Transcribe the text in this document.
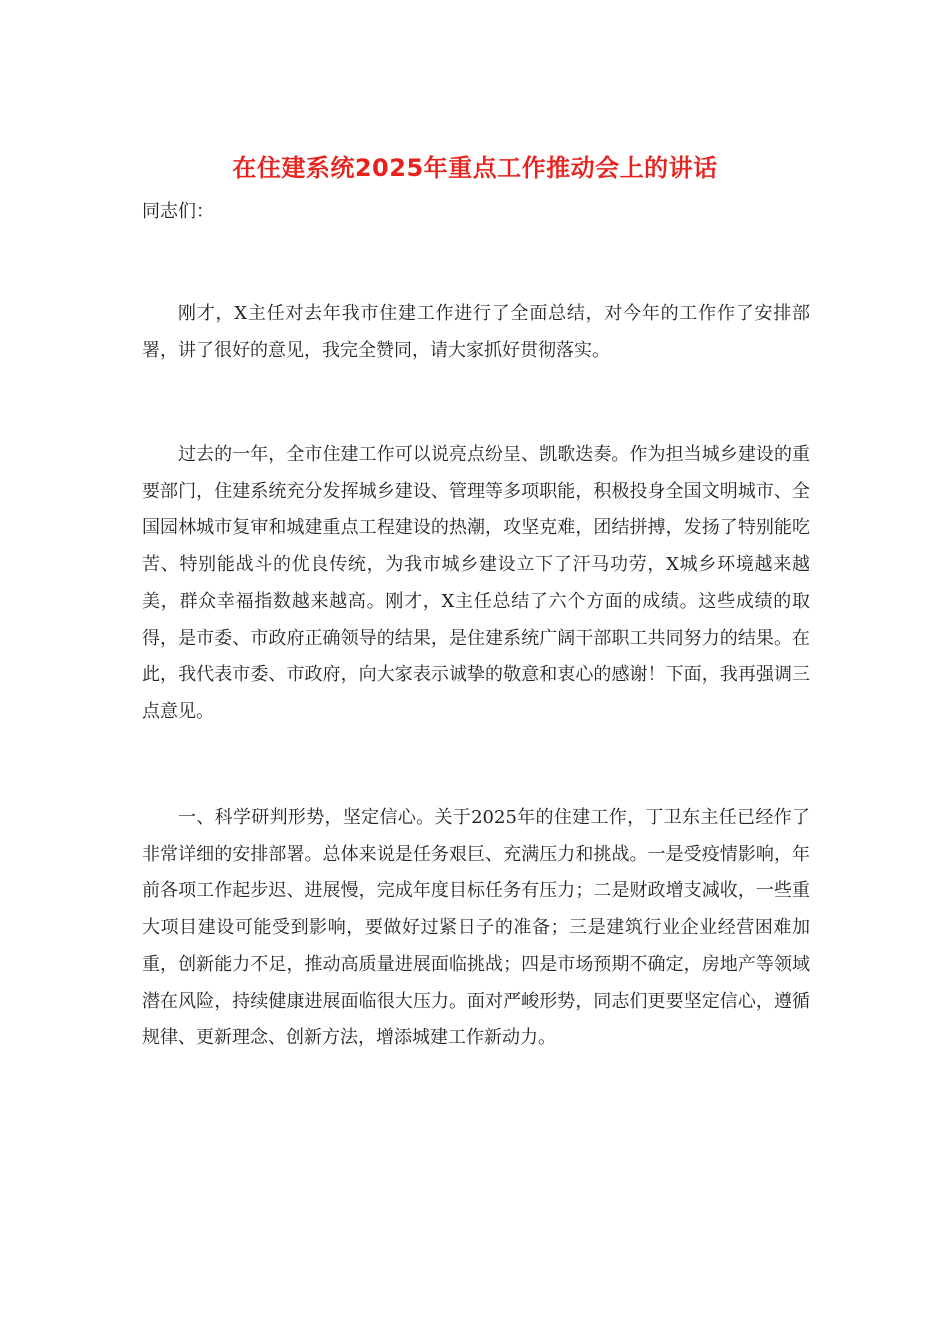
在住建系统2025年重点工作推动会上的讲话

同志们：

刚才，X主任对去年我市住建工作进行了全面总结，对今年的工作作了安排部署，讲了很好的意见，我完全赞同，请大家抓好贯彻落实。

过去的一年，全市住建工作可以说亮点纷呈、凯歌迭奏。作为担当城乡建设的重要部门，住建系统充分发挥城乡建设、管理等多项职能，积极投身全国文明城市、全国园林城市复审和城建重点工程建设的热潮，攻坚克难，团结拼搏，发扬了特别能吃苦、特别能战斗的优良传统，为我市城乡建设立下了汗马功劳，X城乡环境越来越美，群众幸福指数越来越高。刚才，X主任总结了六个方面的成绩。这些成绩的取得，是市委、市政府正确领导的结果，是住建系统广阔干部职工共同努力的结果。在此，我代表市委、市政府，向大家表示诚挚的敬意和衷心的感谢！下面，我再强调三点意见。

一、科学研判形势，坚定信心。关于2025年的住建工作，丁卫东主任已经作了非常详细的安排部署。总体来说是任务艰巨、充满压力和挑战。一是受疫情影响，年前各项工作起步迟、进展慢，完成年度目标任务有压力；二是财政增支减收，一些重大项目建设可能受到影响，要做好过紧日子的准备；三是建筑行业企业经营困难加重，创新能力不足，推动高质量进展面临挑战；四是市场预期不确定，房地产等领域潜在风险，持续健康进展面临很大压力。面对严峻形势，同志们更要坚定信心，遵循规律、更新理念、创新方法，增添城建工作新动力。
